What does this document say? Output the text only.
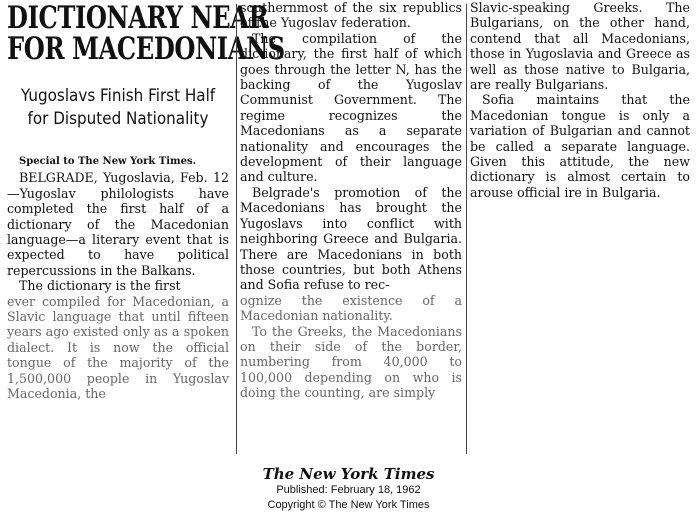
DICTIONARY NEAR
FOR MACEDONIANS
Yugoslavs Finish First Half
for Disputed Nationality
Special to The New York Times.

BELGRADE, Yugoslavia, Feb. 12—Yugoslav philologists have completed the first half of a dictionary of the Macedonian language—a literary event that is expected to have political repercussions in the Balkans.

The dictionary is the first

ever compiled for Macedonian, a Slavic language that until fifteen years ago existed only as a spoken dialect. It is now the official tongue of the majority of the 1,500,000 people in Yugoslav Macedonia, the

southernmost of the six republics of the Yugoslav federation.

The compilation of the dictionary, the first half of which goes through the letter N, has the backing of the Yugoslav Communist Government. The regime recognizes the Macedonians as a separate nationality and encourages the development of their language and culture.

Belgrade's promotion of the Macedonians has brought the Yugoslavs into conflict with neighboring Greece and Bulgaria. There are Macedonians in both those countries, but both Athens and Sofia refuse to rec-

ognize the existence of a Macedonian nationality.

To the Greeks, the Macedonians on their side of the border, numbering from 40,000 to 100,000 depending on who is doing the counting, are simply

Slavic-speaking Greeks. The Bulgarians, on the other hand, contend that all Macedonians, those in Yugoslavia and Greece as well as those native to Bulgaria, are really Bulgarians.

Sofia maintains that the Macedonian tongue is only a variation of Bulgarian and cannot be called a separate language. Given this attitude, the new dictionary is almost certain to arouse official ire in Bulgaria.

The New York Times
Published: February 18, 1962
Copyright © The New York Times
